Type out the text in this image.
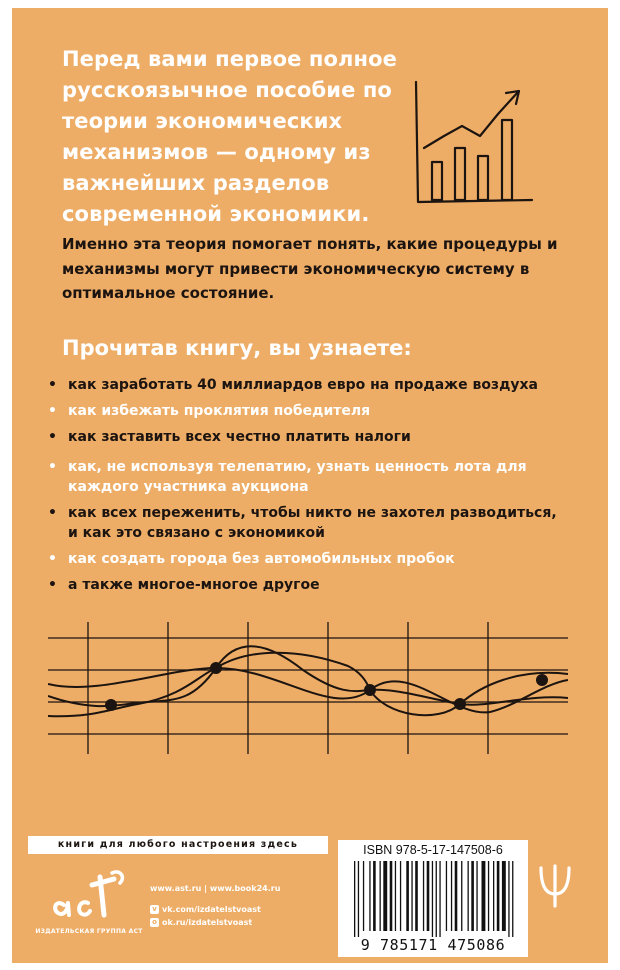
Перед вами первое полное русскоязычное пособие по теории экономических механизмов — одному из важнейших разделов современной экономики.

Именно эта теория помогает понять, какие процедуры и механизмы могут привести экономическую систему в оптимальное состояние.

Прочитав книгу, вы узнаете:

• как заработать 40 миллиардов евро на продаже воздуха
• как избежать проклятия победителя
• как заставить всех честно платить налоги
• как, не используя телепатию, узнать ценность лота для каждого участника аукциона
• как всех переженить, чтобы никто не захотел разводиться, и как это связано с экономикой
• как создать города без автомобильных пробок
• а также многое-многое другое
книги для любого настроения здесь
ИЗДАТЕЛЬСКАЯ ГРУППА АСТ
www.ast.ru | www.book24.ru
v vk.com/izdatelstvoast
o ok.ru/izdatelstvoast
ISBN 978-5-17-147508-6
9 785171 475086
